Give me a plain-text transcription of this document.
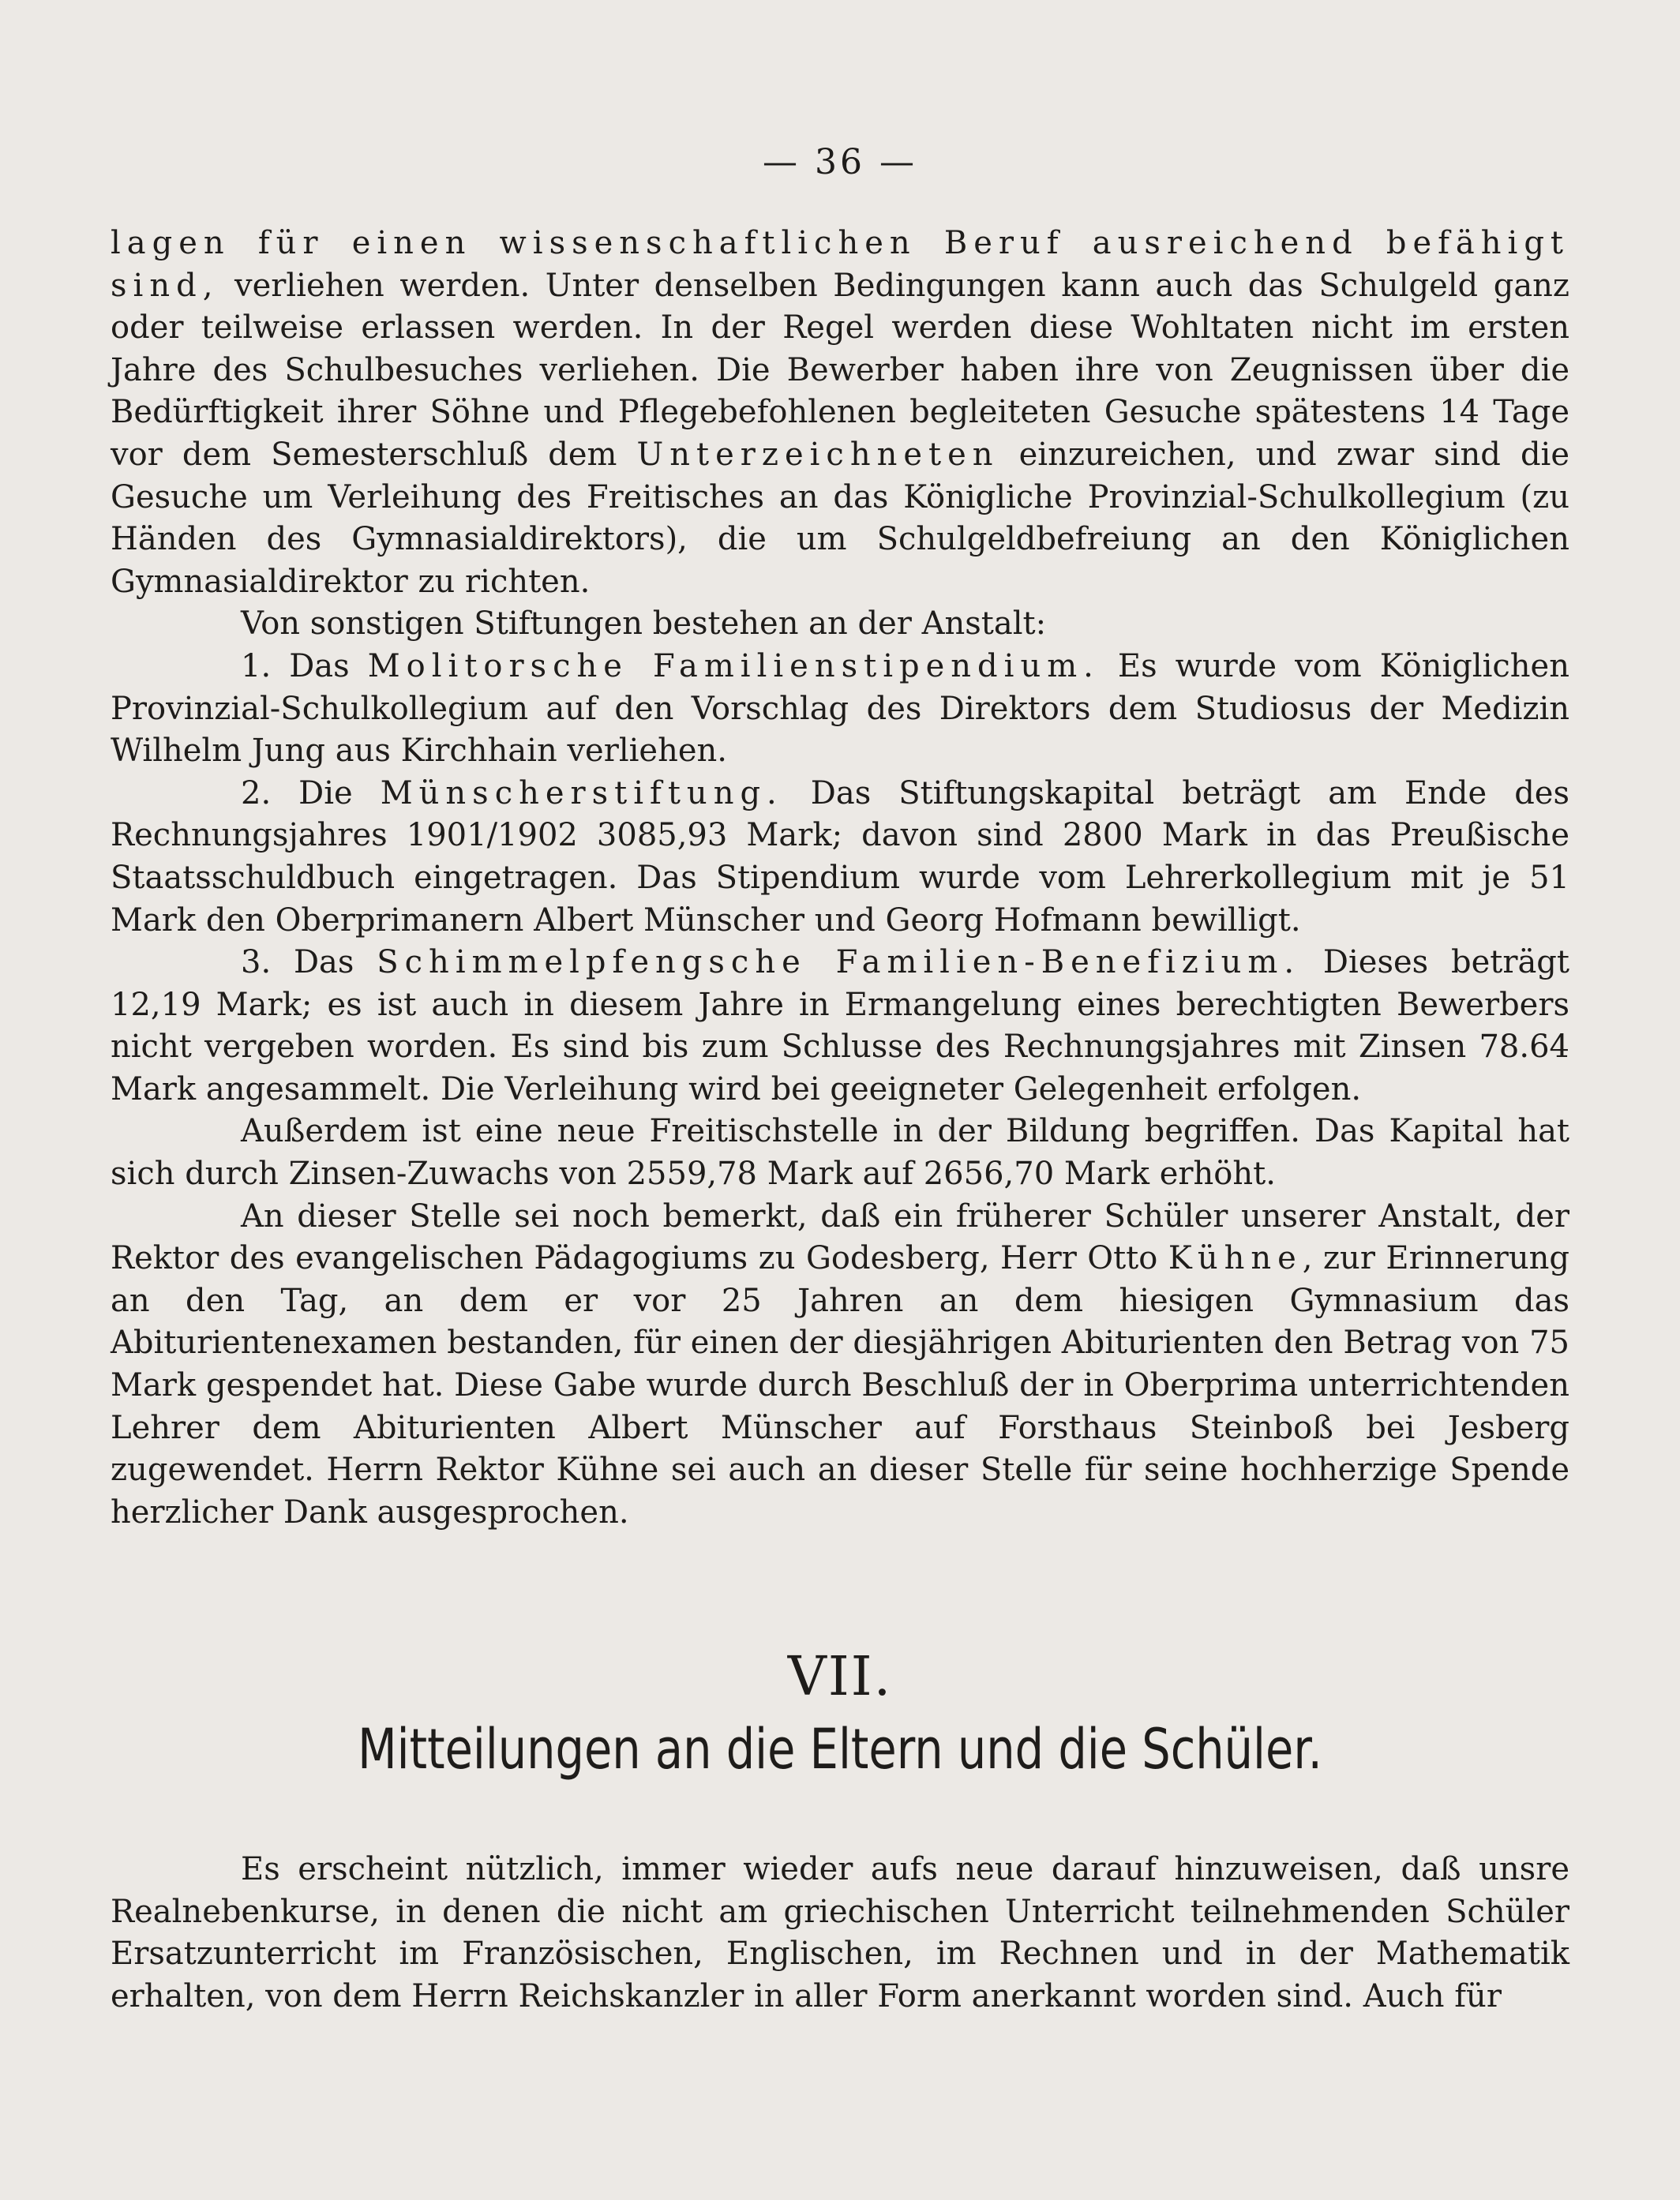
— 36 —

lagen für einen wissenschaftlichen Beruf ausreichend befähigt sind, verliehen werden. Unter denselben Bedingungen kann auch das Schulgeld ganz oder teilweise erlassen werden. In der Regel werden diese Wohltaten nicht im ersten Jahre des Schulbesuches verliehen. Die Bewerber haben ihre von Zeugnissen über die Bedürftigkeit ihrer Söhne und Pflegebefohlenen begleiteten Gesuche spätestens 14 Tage vor dem Semesterschluß dem Unterzeichneten einzureichen, und zwar sind die Gesuche um Verleihung des Freitisches an das Königliche Provinzial-Schulkollegium (zu Händen des Gymnasialdirektors), die um Schulgeldbefreiung an den Königlichen Gymnasialdirektor zu richten.

Von sonstigen Stiftungen bestehen an der Anstalt:

1. Das Molitorsche Familienstipendium. Es wurde vom Königlichen Provinzial-Schulkollegium auf den Vorschlag des Direktors dem Studiosus der Medizin Wilhelm Jung aus Kirchhain verliehen.

2. Die Münscherstiftung. Das Stiftungskapital beträgt am Ende des Rechnungsjahres 1901/1902 3085,93 Mark; davon sind 2800 Mark in das Preußische Staatsschuldbuch eingetragen. Das Stipendium wurde vom Lehrerkollegium mit je 51 Mark den Oberprimanern Albert Münscher und Georg Hofmann bewilligt.

3. Das Schimmelpfengsche Familien-Benefizium. Dieses beträgt 12,19 Mark; es ist auch in diesem Jahre in Ermangelung eines berechtigten Bewerbers nicht vergeben worden. Es sind bis zum Schlusse des Rechnungsjahres mit Zinsen 78.64 Mark angesammelt. Die Verleihung wird bei geeigneter Gelegenheit erfolgen.

Außerdem ist eine neue Freitischstelle in der Bildung begriffen. Das Kapital hat sich durch Zinsen-Zuwachs von 2559,78 Mark auf 2656,70 Mark erhöht.

An dieser Stelle sei noch bemerkt, daß ein früherer Schüler unserer Anstalt, der Rektor des evangelischen Pädagogiums zu Godesberg, Herr Otto Kühne, zur Erinnerung an den Tag, an dem er vor 25 Jahren an dem hiesigen Gymnasium das Abiturientenexamen bestanden, für einen der diesjährigen Abiturienten den Betrag von 75 Mark gespendet hat. Diese Gabe wurde durch Beschluß der in Oberprima unterrichtenden Lehrer dem Abiturienten Albert Münscher auf Forsthaus Steinboß bei Jesberg zugewendet. Herrn Rektor Kühne sei auch an dieser Stelle für seine hochherzige Spende herzlicher Dank ausgesprochen.

VII.
Mitteilungen an die Eltern und die Schüler.

Es erscheint nützlich, immer wieder aufs neue darauf hinzuweisen, daß unsre Realnebenkurse, in denen die nicht am griechischen Unterricht teilnehmenden Schüler Ersatzunterricht im Französischen, Englischen, im Rechnen und in der Mathematik erhalten, von dem Herrn Reichskanzler in aller Form anerkannt worden sind. Auch für
